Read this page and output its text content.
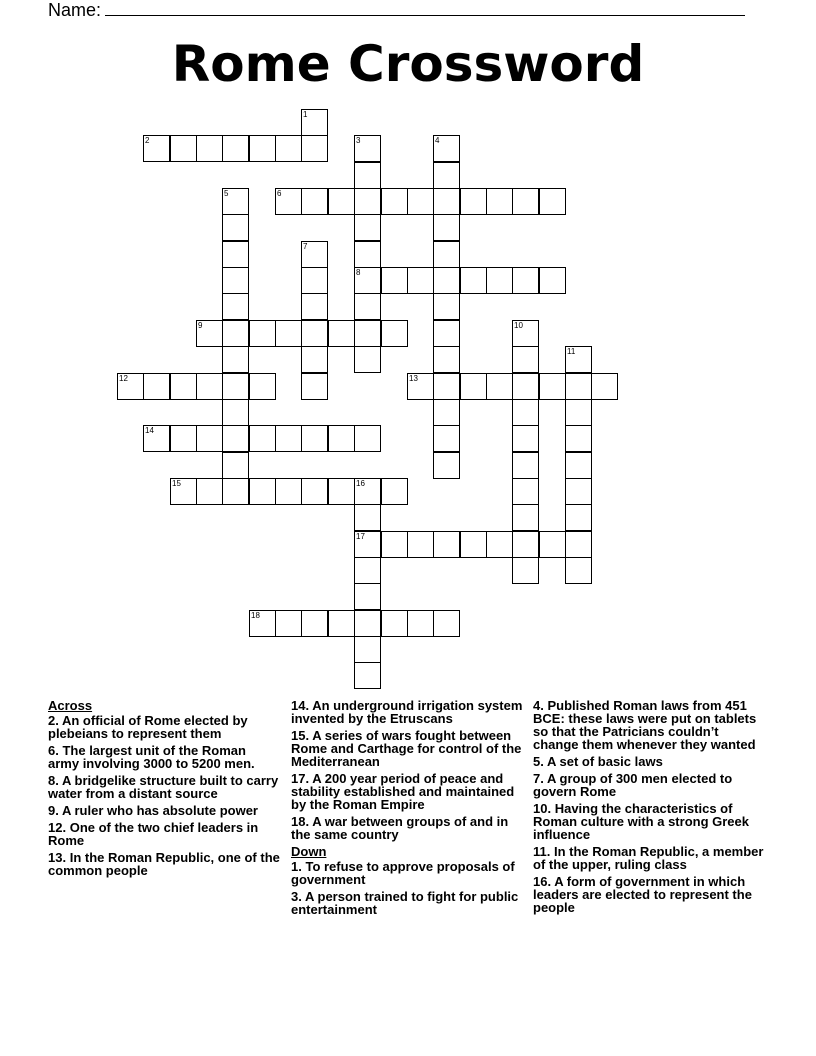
Name:
Rome Crossword
1
2	3
8
4
5	6
7
9	10
11
12	13
14
15	16
17
18
Across
2. An official of Rome elected by plebeians to represent them
6. The largest unit of the Roman army involving 3000 to 5200 men.
8. A bridgelike structure built to carry water from a distant source
9. A ruler who has absolute power
12. One of the two chief leaders in Rome
13. In the Roman Republic, one of the common people
14. An underground irrigation system invented by the Etruscans
15. A series of wars fought between Rome and Carthage for control of the Mediterranean
17. A 200 year period of peace and stability established and maintained by the Roman Empire
18. A war between groups of and in the same country
Down
1. To refuse to approve proposals of government
3. A person trained to fight for public entertainment
4. Published Roman laws from 451 BCE: these laws were put on tablets so that the Patricians couldn’t change them whenever they wanted
5. A set of basic laws
7. A group of 300 men elected to govern Rome
10. Having the characteristics of Roman culture with a strong Greek influence
11. In the Roman Republic, a member of the upper, ruling class
16. A form of government in which leaders are elected to represent the people
